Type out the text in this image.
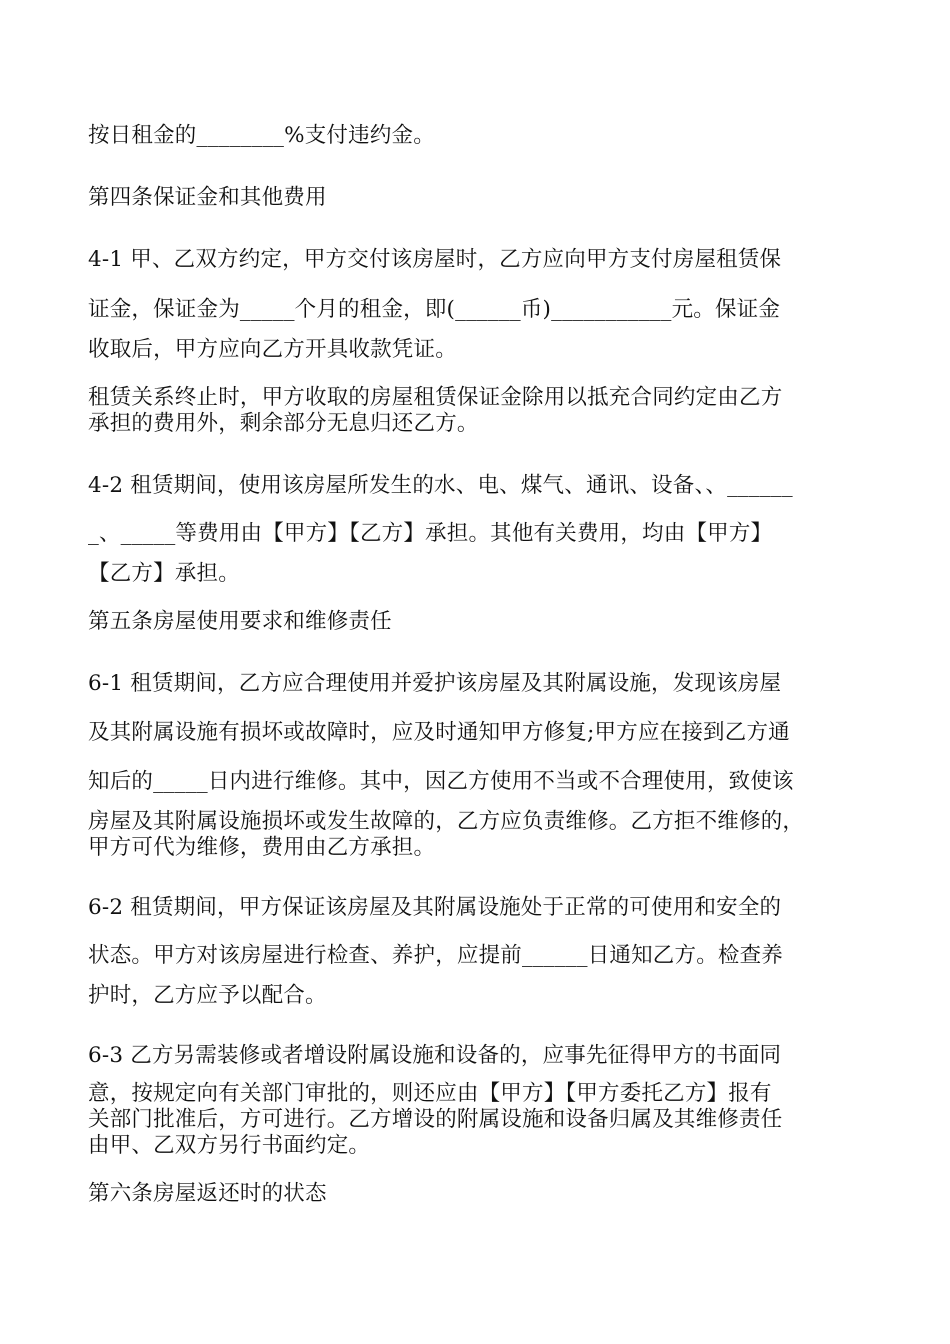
按日租金的________%支付违约金。
第四条保证金和其他费用
4-1 甲、乙双方约定，甲方交付该房屋时，乙方应向甲方支付房屋租赁保
证金，保证金为_____个月的租金，即(______币)___________元。保证金
收取后，甲方应向乙方开具收款凭证。
租赁关系终止时，甲方收取的房屋租赁保证金除用以抵充合同约定由乙方
承担的费用外，剩余部分无息归还乙方。
4-2 租赁期间，使用该房屋所发生的水、电、煤气、通讯、设备、、______
_、_____等费用由【甲方】【乙方】承担。其他有关费用，均由【甲方】
【乙方】承担。
第五条房屋使用要求和维修责任
6-1 租赁期间，乙方应合理使用并爱护该房屋及其附属设施，发现该房屋
及其附属设施有损坏或故障时，应及时通知甲方修复;甲方应在接到乙方通
知后的_____日内进行维修。其中，因乙方使用不当或不合理使用，致使该
房屋及其附属设施损坏或发生故障的，乙方应负责维修。乙方拒不维修的，
甲方可代为维修，费用由乙方承担。
6-2 租赁期间，甲方保证该房屋及其附属设施处于正常的可使用和安全的
状态。甲方对该房屋进行检查、养护，应提前______日通知乙方。检查养
护时，乙方应予以配合。
6-3 乙方另需装修或者增设附属设施和设备的，应事先征得甲方的书面同
意，按规定向有关部门审批的，则还应由【甲方】【甲方委托乙方】报有
关部门批准后，方可进行。乙方增设的附属设施和设备归属及其维修责任
由甲、乙双方另行书面约定。
第六条房屋返还时的状态
